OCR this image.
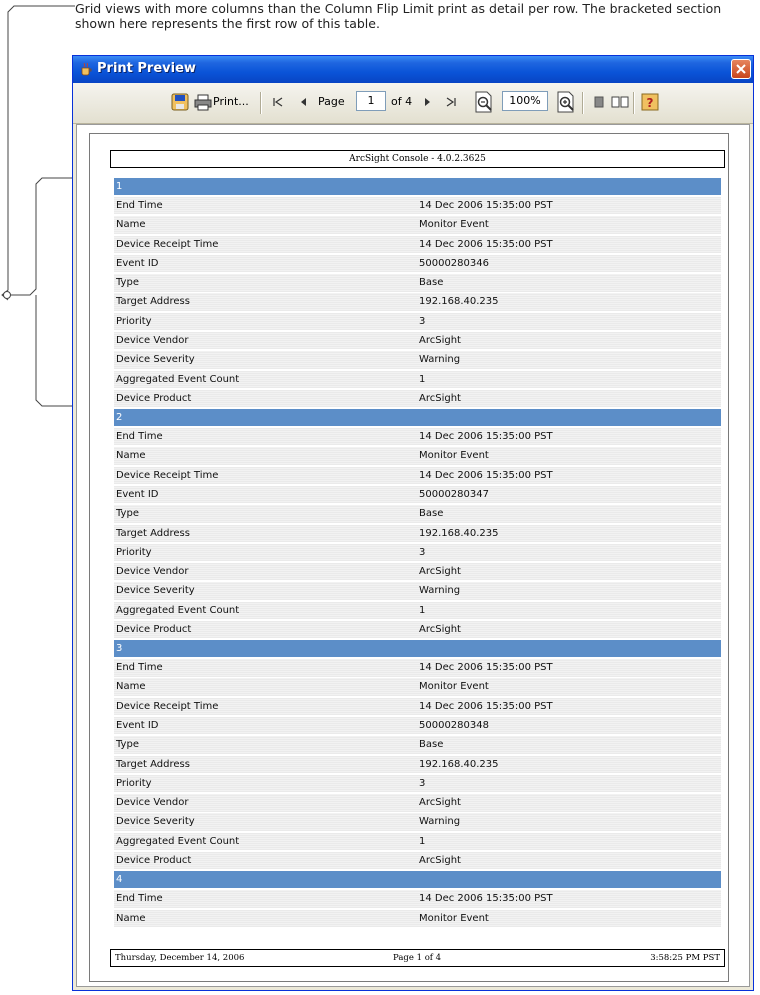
Grid views with more columns than the Column Flip Limit print as detail per row. The bracketed section shown here represents the first row of this table.
Print Preview
Print...	Page	1	of 4	100%	?
ArcSight Console - 4.0.2.3625
1
End Time	14 Dec 2006 15:35:00 PST
Name	Monitor Event
Device Receipt Time	14 Dec 2006 15:35:00 PST
Event ID	50000280346
Type	Base
Target Address	192.168.40.235
Priority	3
Device Vendor	ArcSight
Device Severity	Warning
Aggregated Event Count	1
Device Product	ArcSight
2
End Time	14 Dec 2006 15:35:00 PST
Name	Monitor Event
Device Receipt Time	14 Dec 2006 15:35:00 PST
Event ID	50000280347
Type	Base
Target Address	192.168.40.235
Priority	3
Device Vendor	ArcSight
Device Severity	Warning
Aggregated Event Count	1
Device Product	ArcSight
3
End Time	14 Dec 2006 15:35:00 PST
Name	Monitor Event
Device Receipt Time	14 Dec 2006 15:35:00 PST
Event ID	50000280348
Type	Base
Target Address	192.168.40.235
Priority	3
Device Vendor	ArcSight
Device Severity	Warning
Aggregated Event Count	1
Device Product	ArcSight
4
End Time	14 Dec 2006 15:35:00 PST
Name	Monitor Event
Thursday, December 14, 2006	Page 1 of 4	3:58:25 PM PST
